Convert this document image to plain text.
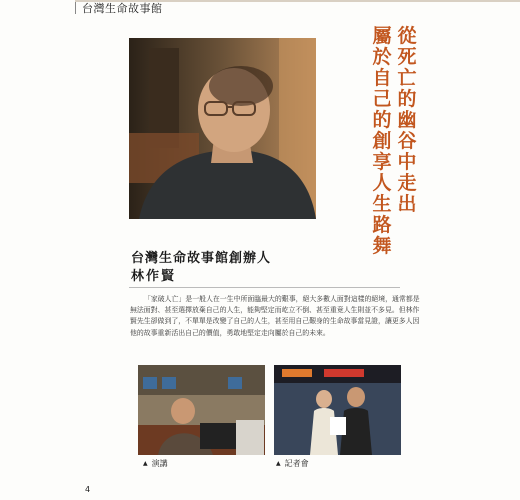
台灣生命故事館
從
死
亡
的
幽
谷
中
走
出
屬
於
自
己
的
創
享
人
生
路
舞
台灣生命故事館創辦人
林作賢

「家破人亡」是一般人在一生中所面臨最大的艱事，絕大多數人面對這樣的絕境，通常都是無法面對、甚至選擇放棄自己的人生，能夠堅定而屹立不倒、甚至重竟人生則並不多見。但林作賢先生卻做到了，不單單是改變了自己的人生，甚至用自己艱身的生命故事當見證，讓更多人因他的故事重新活出自己的價值，勇敢地堅定走向屬於自己的未來。

▲ 演講	▲ 記者會
4
